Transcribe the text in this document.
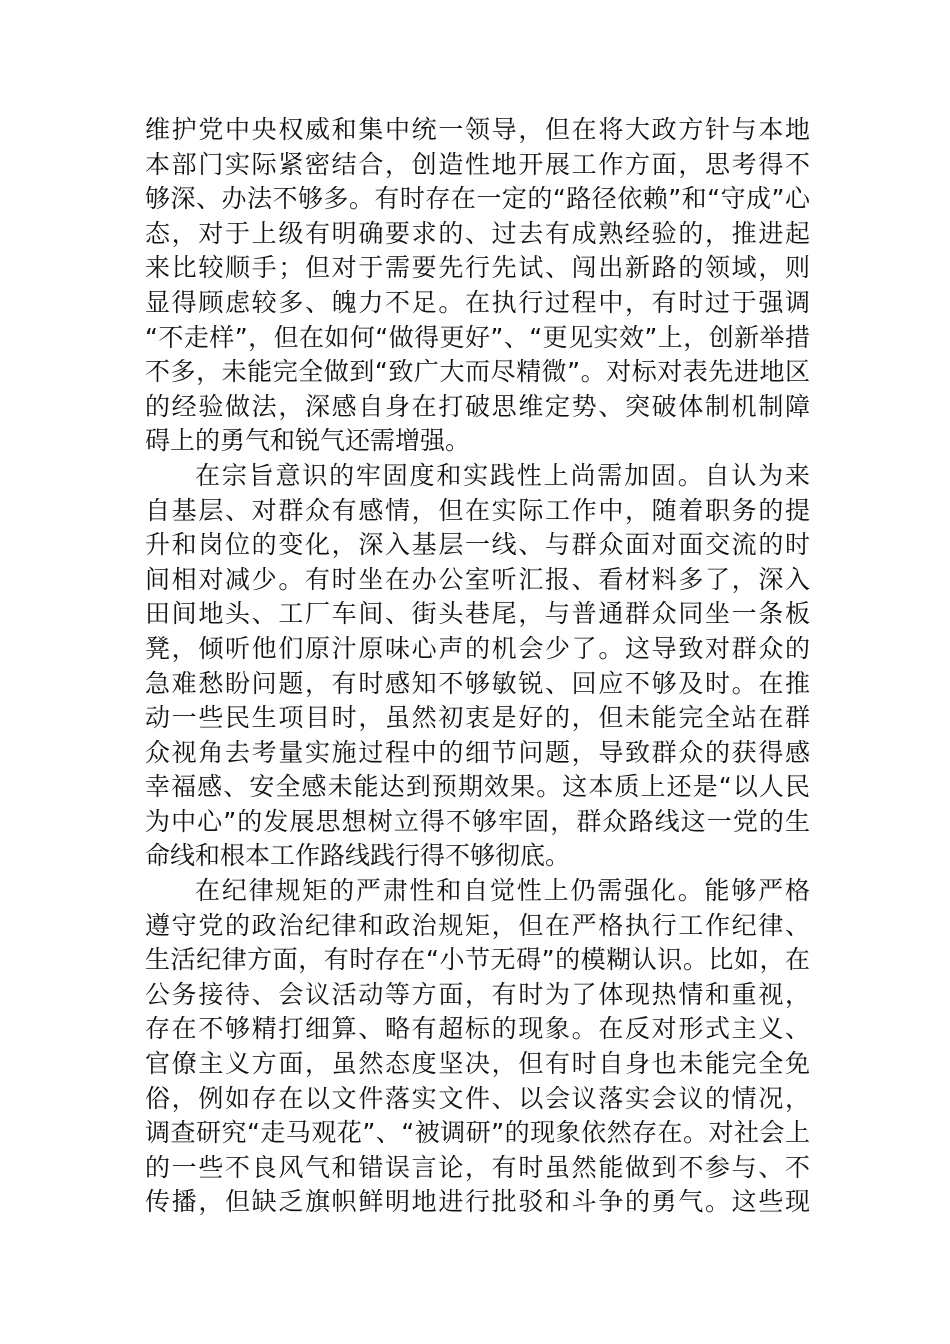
维护党中央权威和集中统一领导，但在将大政方针与本地
本部门实际紧密结合，创造性地开展工作方面，思考得不
够深、办法不够多。有时存在一定的“路径依赖”和“守成”心
态，对于上级有明确要求的、过去有成熟经验的，推进起
来比较顺手；但对于需要先行先试、闯出新路的领域，则
显得顾虑较多、魄力不足。在执行过程中，有时过于强调
“不走样”，但在如何“做得更好”、“更见实效”上，创新举措
不多，未能完全做到“致广大而尽精微”。对标对表先进地区
的经验做法，深感自身在打破思维定势、突破体制机制障
碍上的勇气和锐气还需增强。
在宗旨意识的牢固度和实践性上尚需加固。自认为来
自基层、对群众有感情，但在实际工作中，随着职务的提
升和岗位的变化，深入基层一线、与群众面对面交流的时
间相对减少。有时坐在办公室听汇报、看材料多了，深入
田间地头、工厂车间、街头巷尾，与普通群众同坐一条板
凳，倾听他们原汁原味心声的机会少了。这导致对群众的
急难愁盼问题，有时感知不够敏锐、回应不够及时。在推
动一些民生项目时，虽然初衷是好的，但未能完全站在群
众视角去考量实施过程中的细节问题，导致群众的获得感
幸福感、安全感未能达到预期效果。这本质上还是“以人民
为中心”的发展思想树立得不够牢固，群众路线这一党的生
命线和根本工作路线践行得不够彻底。
在纪律规矩的严肃性和自觉性上仍需强化。能够严格
遵守党的政治纪律和政治规矩，但在严格执行工作纪律、
生活纪律方面，有时存在“小节无碍”的模糊认识。比如，在
公务接待、会议活动等方面，有时为了体现热情和重视，
存在不够精打细算、略有超标的现象。在反对形式主义、
官僚主义方面，虽然态度坚决，但有时自身也未能完全免
俗，例如存在以文件落实文件、以会议落实会议的情况，
调查研究“走马观花”、“被调研”的现象依然存在。对社会上
的一些不良风气和错误言论，有时虽然能做到不参与、不
传播，但缺乏旗帜鲜明地进行批驳和斗争的勇气。这些现
